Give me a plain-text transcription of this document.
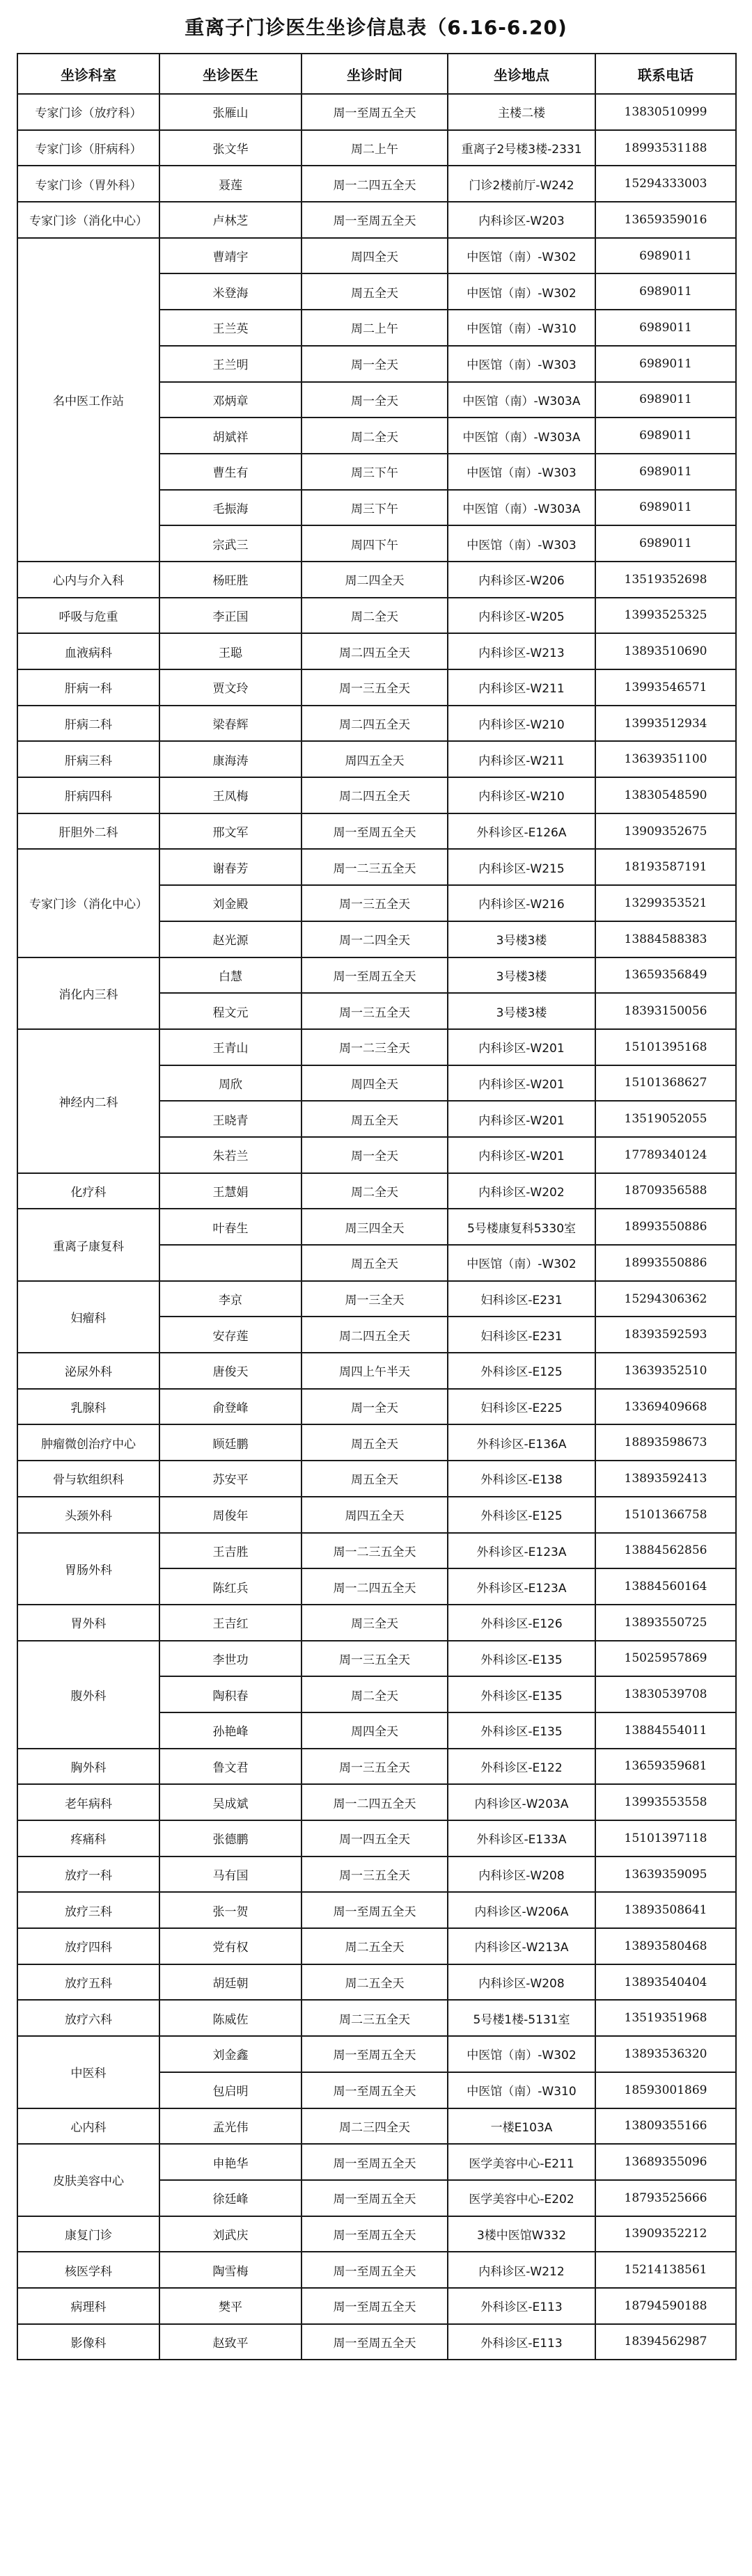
重离子门诊医生坐诊信息表（6.16-6.20)
坐诊科室	坐诊医生	坐诊时间	坐诊地点	联系电话
专家门诊（放疗科）	张雁山	周一至周五全天	主楼二楼	13830510999
专家门诊（肝病科）	张文华	周二上午	重离子2号楼3楼-2331	18993531188
专家门诊（胃外科）	聂莲	周一二四五全天	门诊2楼前厅-W242	15294333003
专家门诊（消化中心）	卢林芝	周一至周五全天	内科诊区-W203	13659359016
名中医工作站	曹靖宇	周四全天	中医馆（南）-W302	6989011
	米登海	周五全天	中医馆（南）-W302	6989011
	王兰英	周二上午	中医馆（南）-W310	6989011
	王兰明	周一全天	中医馆（南）-W303	6989011
	邓炳章	周一全天	中医馆（南）-W303A	6989011
	胡斌祥	周二全天	中医馆（南）-W303A	6989011
	曹生有	周三下午	中医馆（南）-W303	6989011
	毛振海	周三下午	中医馆（南）-W303A	6989011
	宗武三	周四下午	中医馆（南）-W303	6989011
心内与介入科	杨旺胜	周二四全天	内科诊区-W206	13519352698
呼吸与危重	李正国	周二全天	内科诊区-W205	13993525325
血液病科	王聪	周二四五全天	内科诊区-W213	13893510690
肝病一科	贾文玲	周一三五全天	内科诊区-W211	13993546571
肝病二科	梁春辉	周二四五全天	内科诊区-W210	13993512934
肝病三科	康海涛	周四五全天	内科诊区-W211	13639351100
肝病四科	王凤梅	周二四五全天	内科诊区-W210	13830548590
肝胆外二科	邢文军	周一至周五全天	外科诊区-E126A	13909352675
专家门诊（消化中心）	谢春芳	周一二三五全天	内科诊区-W215	18193587191
	刘金殿	周一三五全天	内科诊区-W216	13299353521
	赵光源	周一二四全天	3号楼3楼	13884588383
消化内三科	白慧	周一至周五全天	3号楼3楼	13659356849
	程文元	周一三五全天	3号楼3楼	18393150056
神经内二科	王青山	周一二三全天	内科诊区-W201	15101395168
	周欣	周四全天	内科诊区-W201	15101368627
	王晓青	周五全天	内科诊区-W201	13519052055
	朱若兰	周一全天	内科诊区-W201	17789340124
化疗科	王慧娟	周二全天	内科诊区-W202	18709356588
重离子康复科	叶春生	周三四全天	5号楼康复科5330室	18993550886
		周五全天	中医馆（南）-W302	18993550886
妇瘤科	李京	周一三全天	妇科诊区-E231	15294306362
	安存莲	周二四五全天	妇科诊区-E231	18393592593
泌尿外科	唐俊天	周四上午半天	外科诊区-E125	13639352510
乳腺科	俞登峰	周一全天	妇科诊区-E225	13369409668
肿瘤微创治疗中心	顾廷鹏	周五全天	外科诊区-E136A	18893598673
骨与软组织科	苏安平	周五全天	外科诊区-E138	13893592413
头颈外科	周俊年	周四五全天	外科诊区-E125	15101366758
胃肠外科	王吉胜	周一二三五全天	外科诊区-E123A	13884562856
	陈红兵	周一二四五全天	外科诊区-E123A	13884560164
胃外科	王吉红	周三全天	外科诊区-E126	13893550725
腹外科	李世功	周一三五全天	外科诊区-E135	15025957869
	陶积春	周二全天	外科诊区-E135	13830539708
	孙艳峰	周四全天	外科诊区-E135	13884554011
胸外科	鲁文君	周一三五全天	外科诊区-E122	13659359681
老年病科	吴成斌	周一二四五全天	内科诊区-W203A	13993553558
疼痛科	张德鹏	周一四五全天	外科诊区-E133A	15101397118
放疗一科	马有国	周一三五全天	内科诊区-W208	13639359095
放疗三科	张一贺	周一至周五全天	内科诊区-W206A	13893508641
放疗四科	党有权	周二五全天	内科诊区-W213A	13893580468
放疗五科	胡廷朝	周二五全天	内科诊区-W208	13893540404
放疗六科	陈威佐	周二三五全天	5号楼1楼-5131室	13519351968
中医科	刘金鑫	周一至周五全天	中医馆（南）-W302	13893536320
	包启明	周一至周五全天	中医馆（南）-W310	18593001869
心内科	孟光伟	周二三四全天	一楼E103A	13809355166
皮肤美容中心	申艳华	周一至周五全天	医学美容中心-E211	13689355096
	徐廷峰	周一至周五全天	医学美容中心-E202	18793525666
康复门诊	刘武庆	周一至周五全天	3楼中医馆W332	13909352212
核医学科	陶雪梅	周一至周五全天	内科诊区-W212	15214138561
病理科	樊平	周一至周五全天	外科诊区-E113	18794590188
影像科	赵致平	周一至周五全天	外科诊区-E113	18394562987
